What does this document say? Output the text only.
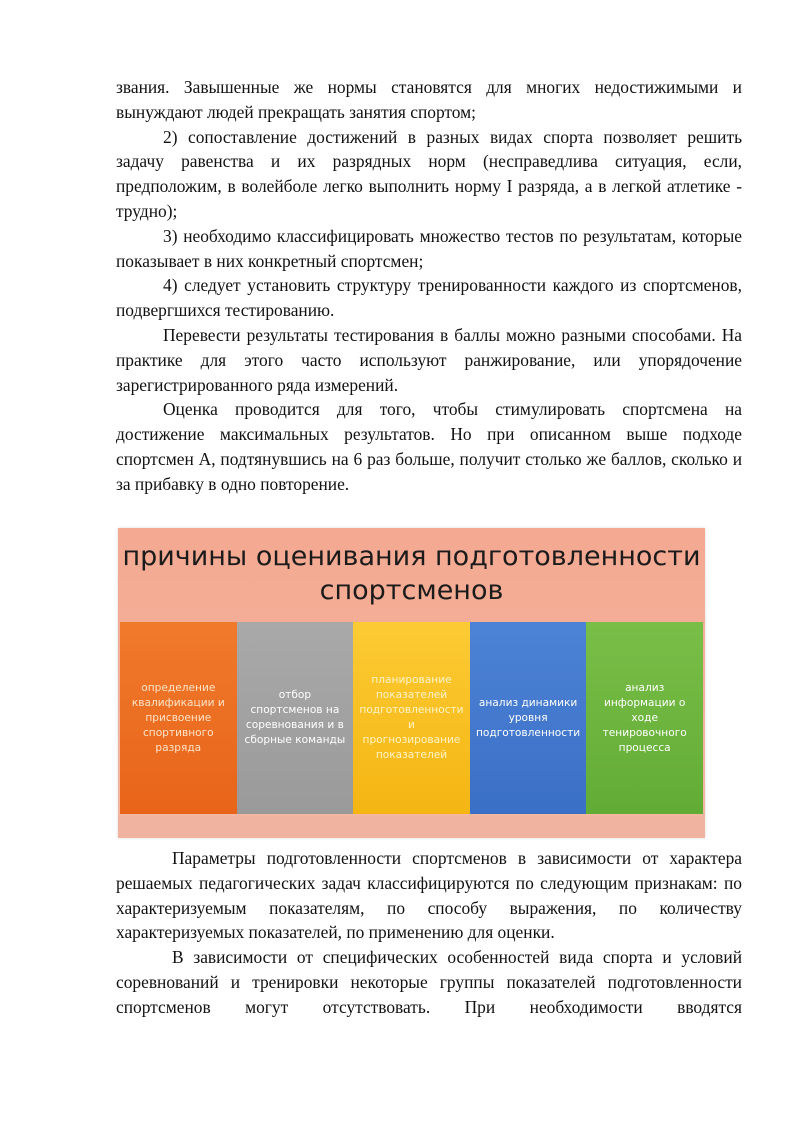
звания. Завышенные же нормы становятся для многих недостижимыми и вынуждают людей прекращать занятия спортом;

2) сопоставление достижений в разных видах спорта позволяет решить задачу равенства и их разрядных норм (несправедлива ситуация, если, предположим, в волейболе легко выполнить норму I разряда, а в легкой атлетике - трудно);

3) необходимо классифицировать множество тестов по результатам, которые показывает в них конкретный спортсмен;

4) следует установить структуру тренированности каждого из спортсменов, подвергшихся тестированию.

Перевести результаты тестирования в баллы можно разными способами. На практике для этого часто используют ранжирование, или упорядочение зарегистрированного ряда измерений.

Оценка проводится для того, чтобы стимулировать спортсмена на достижение максимальных результатов. Но при описанном выше подходе спортсмен А, подтянувшись на 6 раз больше, получит столько же баллов, сколько и за прибавку в одно повторение.

причины оценивания подготовленности спортсменов
определение квалификации и присвоение спортивного разряда
отбор спортсменов на соревнования и в сборные команды
планирование показателей подготовленности и прогнозирование показателей
анализ динамики уровня подготовленности
анализ информации о ходе тенировочного процесса

Параметры подготовленности спортсменов в зависимости от характера решаемых педагогических задач классифицируются по следующим признакам: по характеризуемым показателям, по способу выражения, по количеству характеризуемых показателей, по применению для оценки.

В зависимости от специфических особенностей вида спорта и условий соревнований и тренировки некоторые группы показателей подготовленности спортсменов могут отсутствовать. При необходимости вводятся
